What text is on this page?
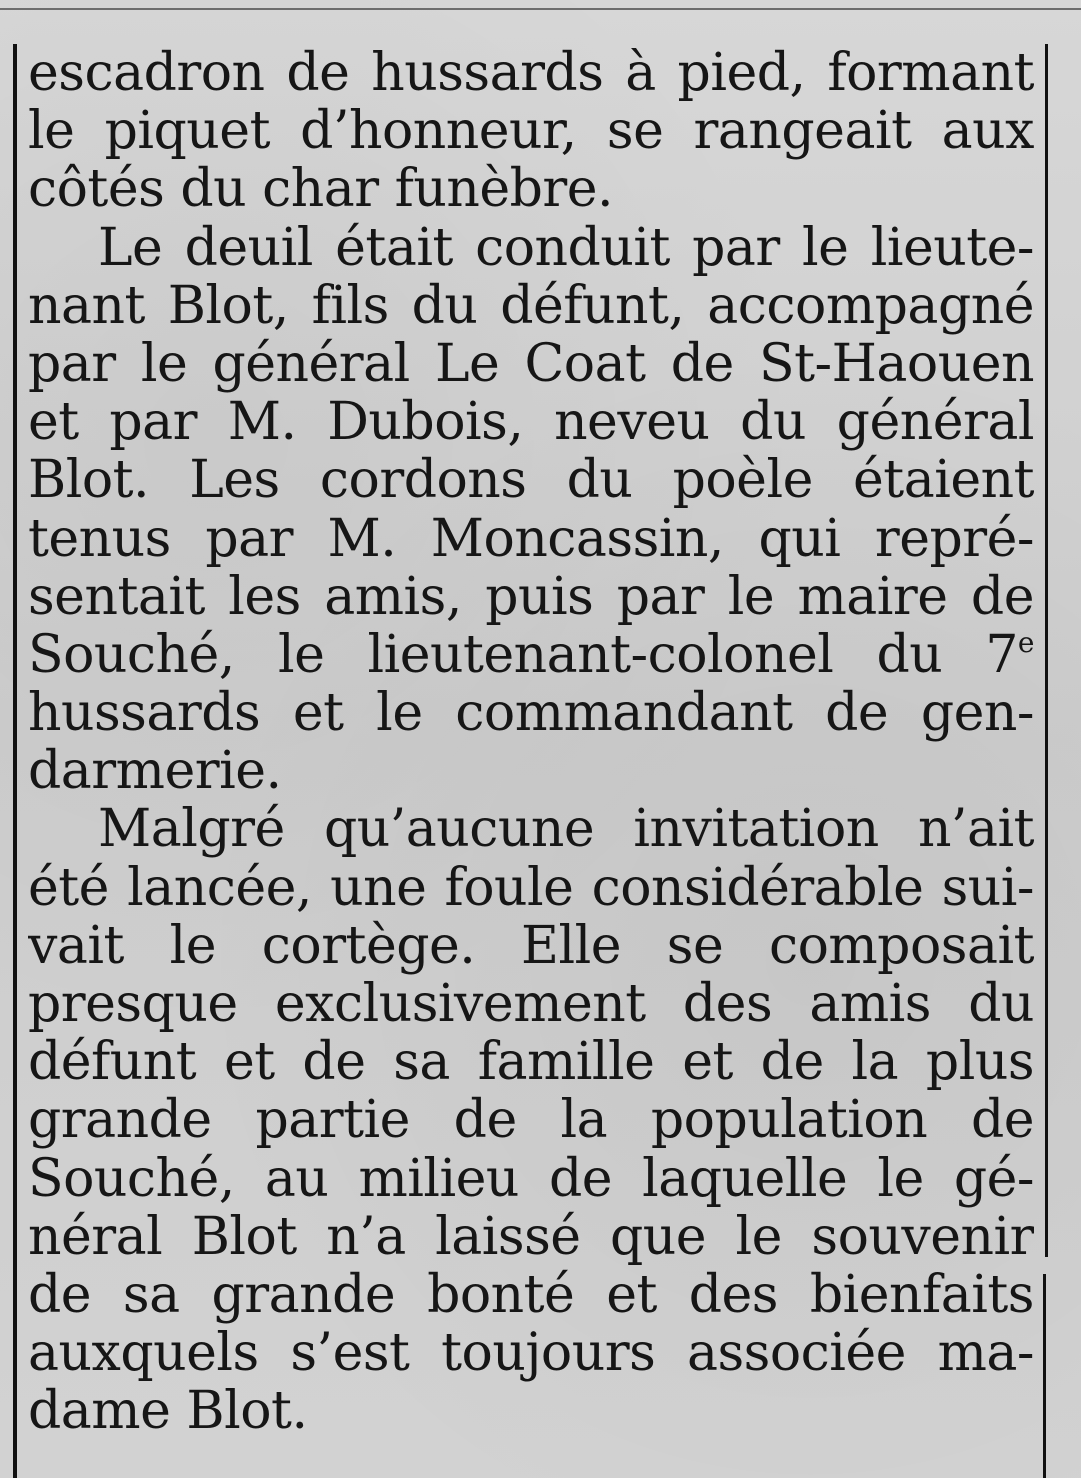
escadron de hussards à pied, formant
le piquet d’honneur, se rangeait aux
côtés du char funèbre.
Le deuil était conduit par le lieute-
nant Blot, fils du défunt, accompagné
par le général Le Coat de St-Haouen
et par M. Dubois, neveu du général
Blot. Les cordons du poèle étaient
tenus par M. Moncassin, qui repré-
sentait les amis, puis par le maire de
Souché, le lieutenant-colonel du 7e
hussards et le commandant de gen-
darmerie.
Malgré qu’aucune invitation n’ait
été lancée, une foule considérable sui-
vait le cortège. Elle se composait
presque exclusivement des amis du
défunt et de sa famille et de la plus
grande partie de la population de
Souché, au milieu de laquelle le gé-
néral Blot n’a laissé que le souvenir
de sa grande bonté et des bienfaits
auxquels s’est toujours associée ma-
dame Blot.
